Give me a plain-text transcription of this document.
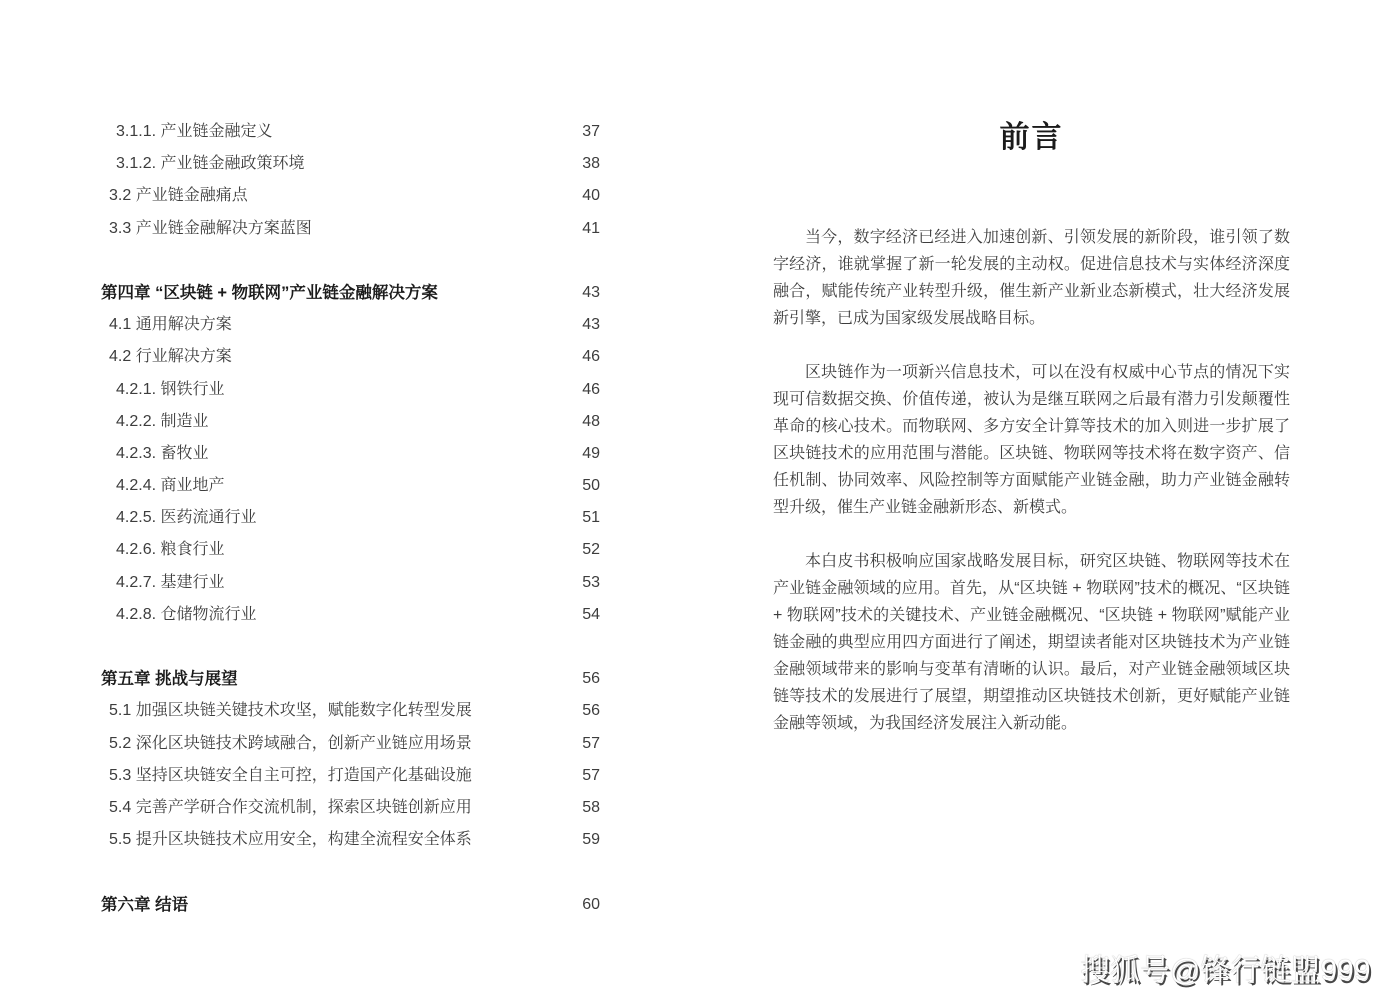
3.1.1. 产业链金融定义	37
3.1.2. 产业链金融政策环境	38
3.2 产业链金融痛点	40
3.3 产业链金融解决方案蓝图	41
第四章 “区块链 + 物联网”产业链金融解决方案	43
4.1 通用解决方案	43
4.2 行业解决方案	46
4.2.1. 钢铁行业	46
4.2.2. 制造业	48
4.2.3. 畜牧业	49
4.2.4. 商业地产	50
4.2.5. 医药流通行业	51
4.2.6. 粮食行业	52
4.2.7. 基建行业	53
4.2.8. 仓储物流行业	54
第五章 挑战与展望	56
5.1 加强区块链关键技术攻坚，赋能数字化转型发展	56
5.2 深化区块链技术跨域融合，创新产业链应用场景	57
5.3 坚持区块链安全自主可控，打造国产化基础设施	57
5.4 完善产学研合作交流机制，探索区块链创新应用	58
5.5 提升区块链技术应用安全，构建全流程安全体系	59
第六章 结语	60
前言

当今，数字经济已经进入加速创新、引领发展的新阶段，谁引领了数字经济，谁就掌握了新一轮发展的主动权。促进信息技术与实体经济深度融合，赋能传统产业转型升级，催生新产业新业态新模式，壮大经济发展新引擎，已成为国家级发展战略目标。

区块链作为一项新兴信息技术，可以在没有权威中心节点的情况下实现可信数据交换、价值传递，被认为是继互联网之后最有潜力引发颠覆性革命的核心技术。而物联网、多方安全计算等技术的加入则进一步扩展了区块链技术的应用范围与潜能。区块链、物联网等技术将在数字资产、信任机制、协同效率、风险控制等方面赋能产业链金融，助力产业链金融转型升级，催生产业链金融新形态、新模式。

本白皮书积极响应国家战略发展目标，研究区块链、物联网等技术在产业链金融领域的应用。首先，从“区块链 + 物联网”技术的概况、“区块链 + 物联网”技术的关键技术、产业链金融概况、“区块链 + 物联网”赋能产业链金融的典型应用四方面进行了阐述，期望读者能对区块链技术为产业链金融领域带来的影响与变革有清晰的认识。最后，对产业链金融领域区块链等技术的发展进行了展望，期望推动区块链技术创新，更好赋能产业链金融等领域，为我国经济发展注入新动能。

搜狐号@锋行链盟999
